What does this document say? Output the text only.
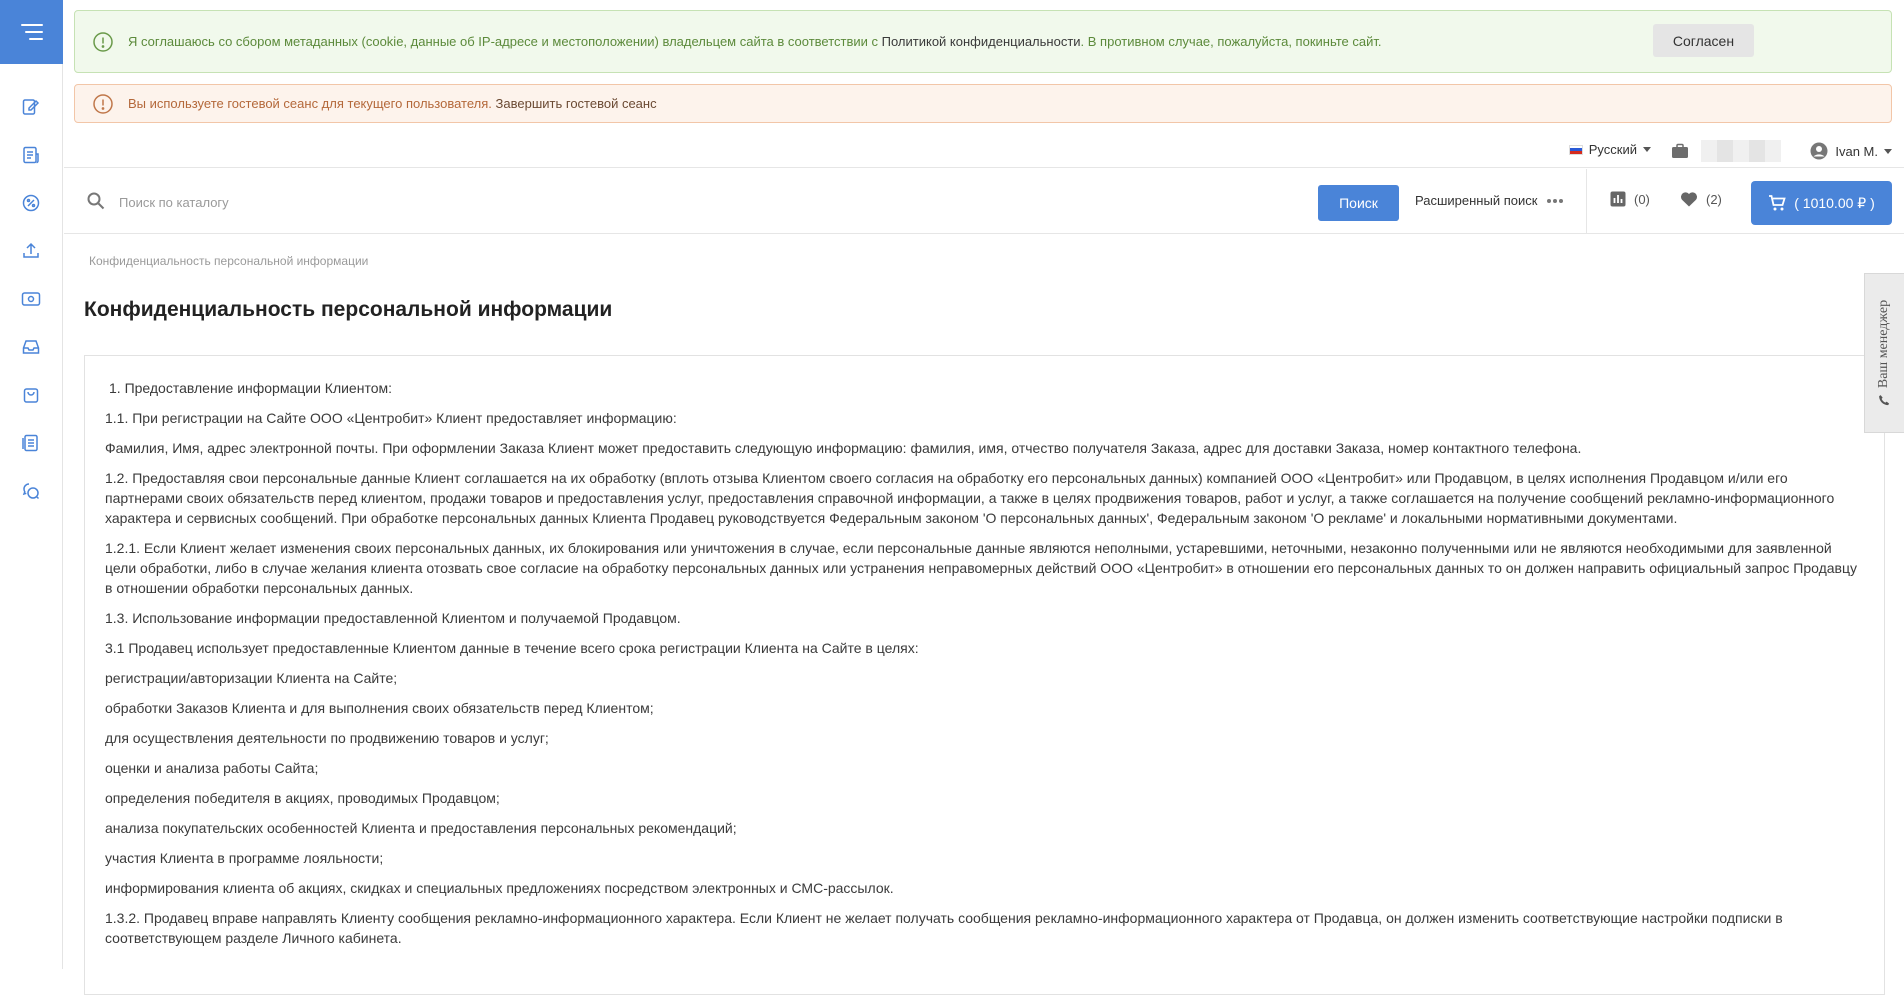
Я соглашаюсь со сбором метаданных (cookie, данные об IP-адресе и местоположении) владельцем сайта в соответствии с Политикой конфиденциальности. В противном случае, пожалуйста, покиньте сайт.	Согласен
Вы используете гостевой сеанс для текущего пользователя. Завершить гостевой сеанс
Русский	Ivan M.
Поиск по каталогу
Поиск	Расширенный поиск	(0)	(2)	( 1010.00 ₽ )
Конфиденциальность персональной информации
Конфиденциальность персональной информации

1. Предоставление информации Клиентом:

1.1. При регистрации на Сайте ООО «Центробит» Клиент предоставляет информацию:

Фамилия, Имя, адрес электронной почты. При оформлении Заказа Клиент может предоставить следующую информацию: фамилия, имя, отчество получателя Заказа, адрес для доставки Заказа, номер контактного телефона.

1.2. Предоставляя свои персональные данные Клиент соглашается на их обработку (вплоть отзыва Клиентом своего согласия на обработку его персональных данных) компанией ООО «Центробит» или Продавцом, в целях исполнения Продавцом и/или его партнерами своих обязательств перед клиентом, продажи товаров и предоставления услуг, предоставления справочной информации, а также в целях продвижения товаров, работ и услуг, а также соглашается на получение сообщений рекламно-информационного характера и сервисных сообщений. При обработке персональных данных Клиента Продавец руководствуется Федеральным законом 'О персональных данных', Федеральным законом 'О рекламе' и локальными нормативными документами.

1.2.1. Если Клиент желает изменения своих персональных данных, их блокирования или уничтожения в случае, если персональные данные являются неполными, устаревшими, неточными, незаконно полученными или не являются необходимыми для заявленной цели обработки, либо в случае желания клиента отозвать свое согласие на обработку персональных данных или устранения неправомерных действий ООО «Центробит» в отношении его персональных данных то он должен направить официальный запрос Продавцу в отношении обработки персональных данных.

1.3. Использование информации предоставленной Клиентом и получаемой Продавцом.

3.1 Продавец использует предоставленные Клиентом данные в течение всего срока регистрации Клиента на Сайте в целях:

регистрации/авторизации Клиента на Сайте;

обработки Заказов Клиента и для выполнения своих обязательств перед Клиентом;

для осуществления деятельности по продвижению товаров и услуг;

оценки и анализа работы Сайта;

определения победителя в акциях, проводимых Продавцом;

анализа покупательских особенностей Клиента и предоставления персональных рекомендаций;

участия Клиента в программе лояльности;

информирования клиента об акциях, скидках и специальных предложениях посредством электронных и СМС-рассылок.

1.3.2. Продавец вправе направлять Клиенту сообщения рекламно-информационного характера. Если Клиент не желает получать сообщения рекламно-информационного характера от Продавца, он должен изменить соответствующие настройки подписки в соответствующем разделе Личного кабинета.

Ваш менеджер
